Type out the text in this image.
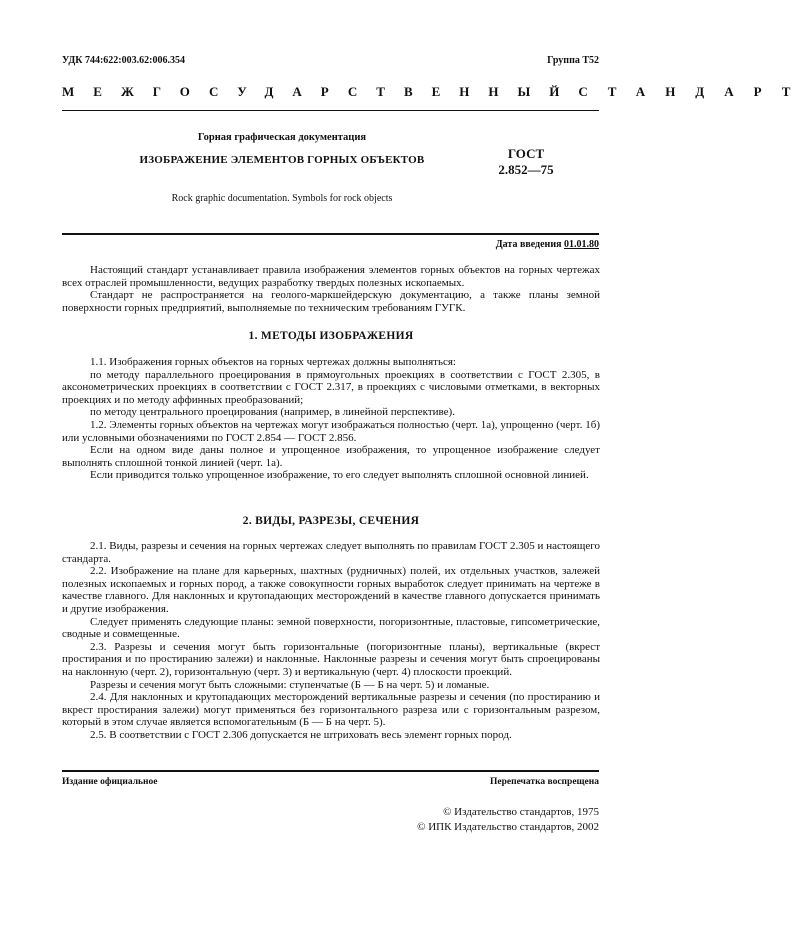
УДК 744:622:003.62:006.354	Группа Т52
МЕЖГОСУДАРСТВЕННЫЙ СТАНДАРТ
Горная графическая документация
ИЗОБРАЖЕНИЕ ЭЛЕМЕНТОВ ГОРНЫХ ОБЪЕКТОВ
Rock graphic documentation. Symbols for rock objects
ГОСТ
2.852—75
Дата введения 01.01.80

Настоящий стандарт устанавливает правила изображения элементов горных объектов на горных чертежах всех отраслей промышленности, ведущих разработку твердых полезных ископаемых.

Стандарт не распространяется на геолого-маркшейдерскую документацию, а также планы земной поверхности горных предприятий, выполняемые по техническим требованиям ГУГК.

1. МЕТОДЫ ИЗОБРАЖЕНИЯ

1.1. Изображения горных объектов на горных чертежах должны выполняться:

по методу параллельного проецирования в прямоугольных проекциях в соответствии с ГОСТ 2.305, в аксонометрических проекциях в соответствии с ГОСТ 2.317, в проекциях с числовыми отметками, в векторных проекциях и по методу аффинных преобразований;

по методу центрального проецирования (например, в линейной перспективе).

1.2. Элементы горных объектов на чертежах могут изображаться полностью (черт. 1а), упрощенно (черт. 1б) или условными обозначениями по ГОСТ 2.854 — ГОСТ 2.856.

Если на одном виде даны полное и упрощенное изображения, то упрощенное изображение следует выполнять сплошной тонкой линией (черт. 1а).

Если приводится только упрощенное изображение, то его следует выполнять сплошной основной линией.

2. ВИДЫ, РАЗРЕЗЫ, СЕЧЕНИЯ

2.1. Виды, разрезы и сечения на горных чертежах следует выполнять по правилам ГОСТ 2.305 и настоящего стандарта.

2.2. Изображение на плане для карьерных, шахтных (рудничных) полей, их отдельных участков, залежей полезных ископаемых и горных пород, а также совокупности горных выработок следует принимать на чертеже в качестве главного. Для наклонных и крутопадающих месторождений в качестве главного допускается принимать и другие изображения.

Следует применять следующие планы: земной поверхности, погоризонтные, пластовые, гипсометрические, сводные и совмещенные.

2.3. Разрезы и сечения могут быть горизонтальные (погоризонтные планы), вертикальные (вкрест простирания и по простиранию залежи) и наклонные. Наклонные разрезы и сечения могут быть спроецированы на наклонную (черт. 2), горизонтальную (черт. 3) и вертикальную (черт. 4) плоскости проекций.

Разрезы и сечения могут быть сложными: ступенчатые (Б — Б на черт. 5) и ломаные.

2.4. Для наклонных и крутопадающих месторождений вертикальные разрезы и сечения (по простиранию и вкрест простирания залежи) могут применяться без горизонтального разреза или с горизонтальным разрезом, который в этом случае является вспомогательным (Б — Б на черт. 5).

2.5. В соответствии с ГОСТ 2.306 допускается не штриховать весь элемент горных пород.

Издание официальное	Перепечатка воспрещена
© Издательство стандартов, 1975
© ИПК Издательство стандартов, 2002
